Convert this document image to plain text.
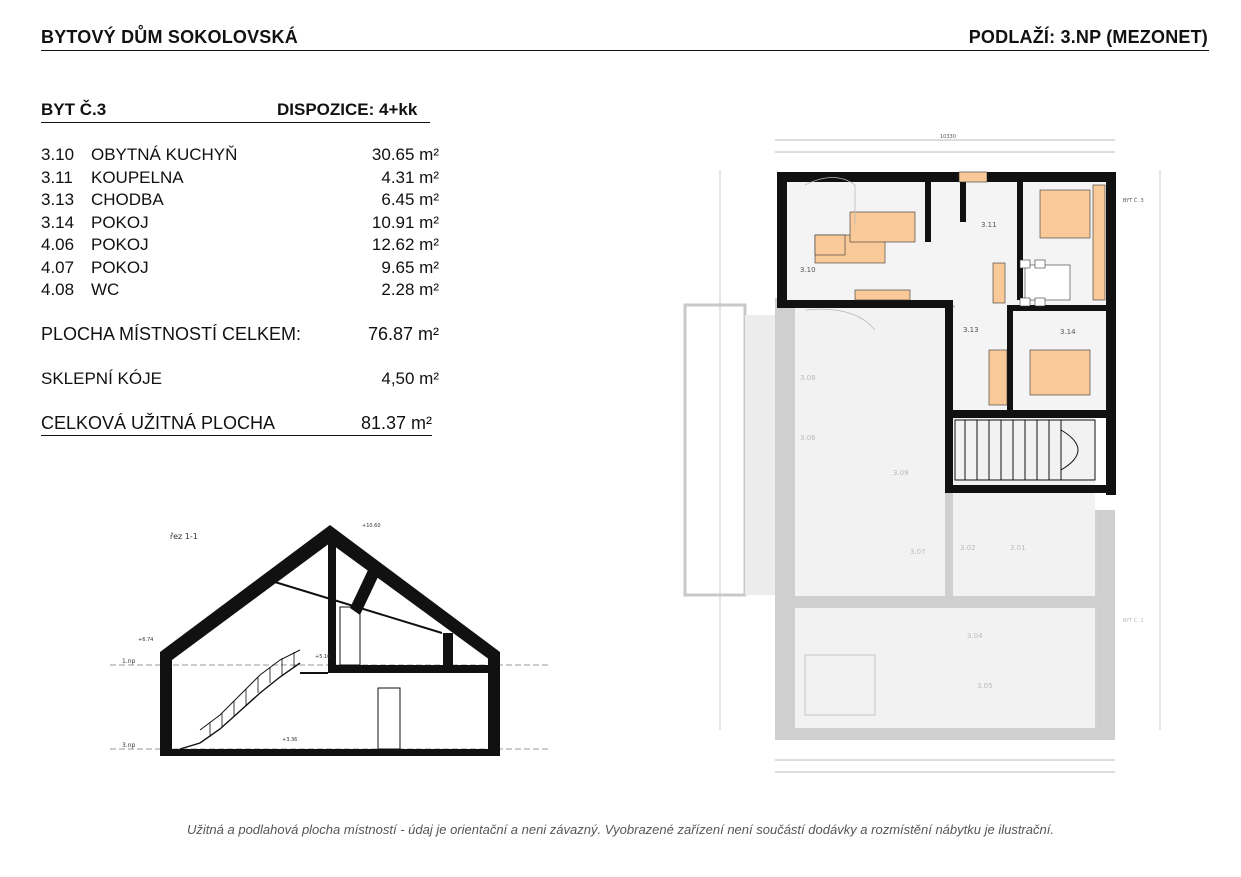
BYTOVÝ DŮM SOKOLOVSKÁ	PODLAŽÍ: 3.NP (MEZONET)
BYT Č.3	DISPOZICE: 4+kk
3.10 OBYTNÁ KUCHYŇ	30.65 m²
3.11 KOUPELNA	4.31 m²
3.13 CHODBA	6.45 m²
3.14 POKOJ	10.91 m²
4.06 POKOJ	12.62 m²
4.07 POKOJ	9.65 m²
4.08 WC	2.28 m²
PLOCHA MÍSTNOSTÍ CELKEM:	76.87 m²
SKLEPNÍ KÓJE	4,50 m²
CELKOVÁ UŽITNÁ PLOCHA	81.37 m²
řez 1-1
1.np
3.np
+10.60
+6.74
+3.36
+5.10
10330
3.10
3.11
3.13	3.14
3.08
3.09
3.07	3.02	3.01
3.04
3.05
3.06
BYT Č. 3
BYT Č. 1
Užitná a podlahová plocha místností - údaj je orientační a neni závazný. Vyobrazené zařízení není součástí dodávky a rozmístění nábytku je ilustrační.
